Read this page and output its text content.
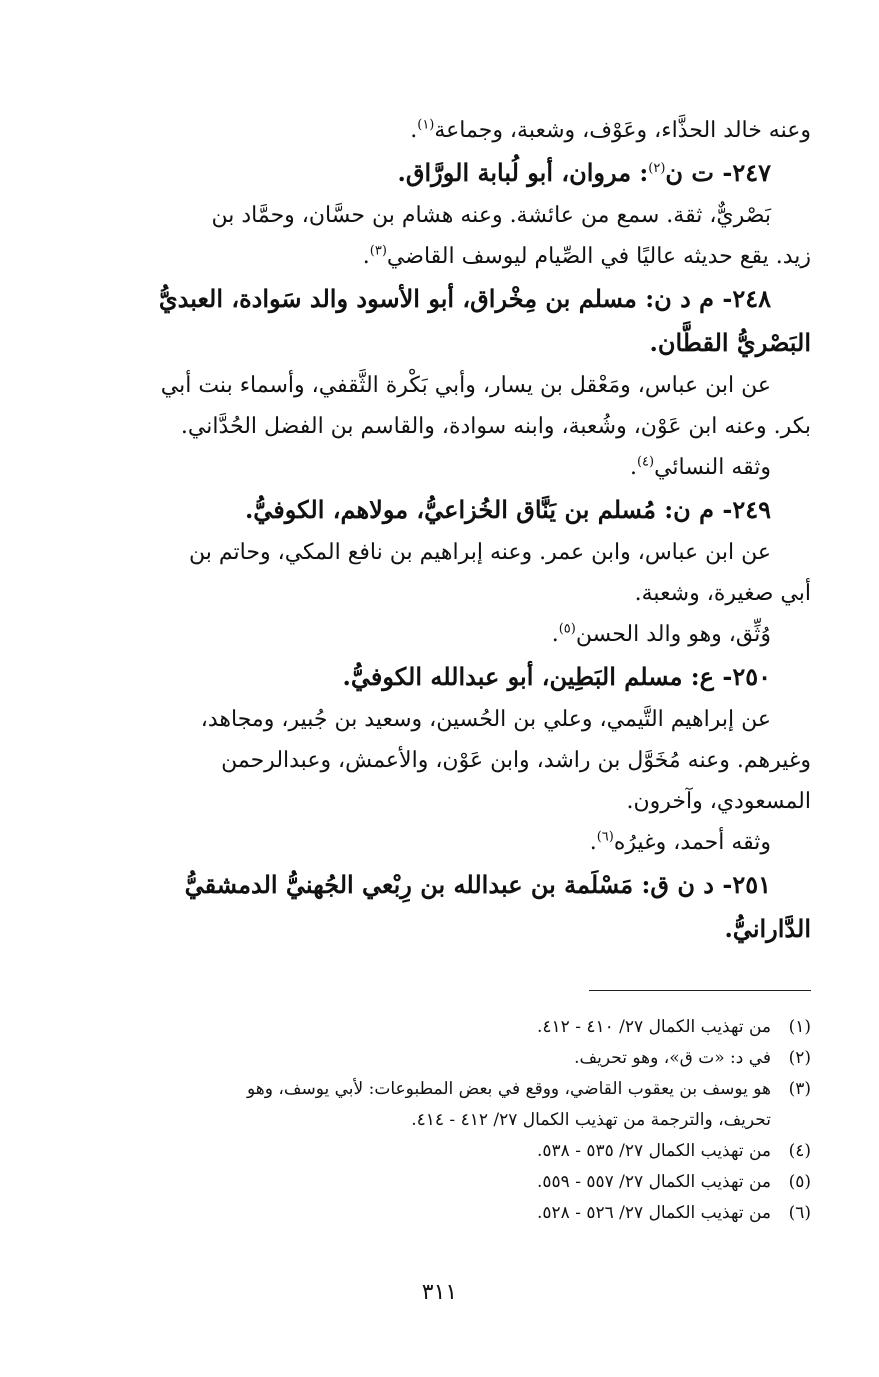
وعنه خالد الحذَّاء، وعَوْف، وشعبة، وجماعة$^{(١)}$.

٢٤٧- ت ن$^{(٢)}$: مروان، أبو لُبابة الورَّاق.

بَصْريٌّ، ثقة. سمع من عائشة. وعنه هشام بن حسَّان، وحمَّاد بن

زيد. يقع حديثه عاليًا في الصِّيام ليوسف القاضي$^{(٣)}$.

٢٤٨- م د ن: مسلم بن مِخْراق، أبو الأسود والد سَوادة، العبديُّ

البَصْريُّ القطَّان.

عن ابن عباس، ومَعْقل بن يسار، وأبي بَكْرة الثَّقفي، وأسماء بنت أبي

بكر. وعنه ابن عَوْن، وشُعبة، وابنه سوادة، والقاسم بن الفضل الحُدَّاني.

وثقه النسائي$^{(٤)}$.

٢٤٩- م ن: مُسلم بن يَنَّاق الخُزاعيُّ، مولاهم، الكوفيُّ.

عن ابن عباس، وابن عمر. وعنه إبراهيم بن نافع المكي، وحاتم بن

أبي صغيرة، وشعبة.

وُثِّق، وهو والد الحسن$^{(٥)}$.

٢٥٠- ع: مسلم البَطِين، أبو عبدالله الكوفيُّ.

عن إبراهيم التَّيمي، وعلي بن الحُسين، وسعيد بن جُبير، ومجاهد،

وغيرهم. وعنه مُخَوَّل بن راشد، وابن عَوْن، والأعمش، وعبدالرحمن

المسعودي، وآخرون.

وثقه أحمد، وغيرُه$^{(٦)}$.

٢٥١- د ن ق: مَسْلَمة بن عبدالله بن رِبْعي الجُهنيُّ الدمشقيُّ

الدَّارانيُّ.

(١)
من تهذيب الكمال ٢٧/ ٤١٠ - ٤١٢.
(٢)
في د: «ت ق»، وهو تحريف.
(٣)
هو يوسف بن يعقوب القاضي، ووقع في بعض المطبوعات: لأبي يوسف، وهو
تحريف، والترجمة من تهذيب الكمال ٢٧/ ٤١٢ - ٤١٤.
(٤)
من تهذيب الكمال ٢٧/ ٥٣٥ - ٥٣٨.
(٥)
من تهذيب الكمال ٢٧/ ٥٥٧ - ٥٥٩.
(٦)
من تهذيب الكمال ٢٧/ ٥٢٦ - ٥٢٨.
٣١١
